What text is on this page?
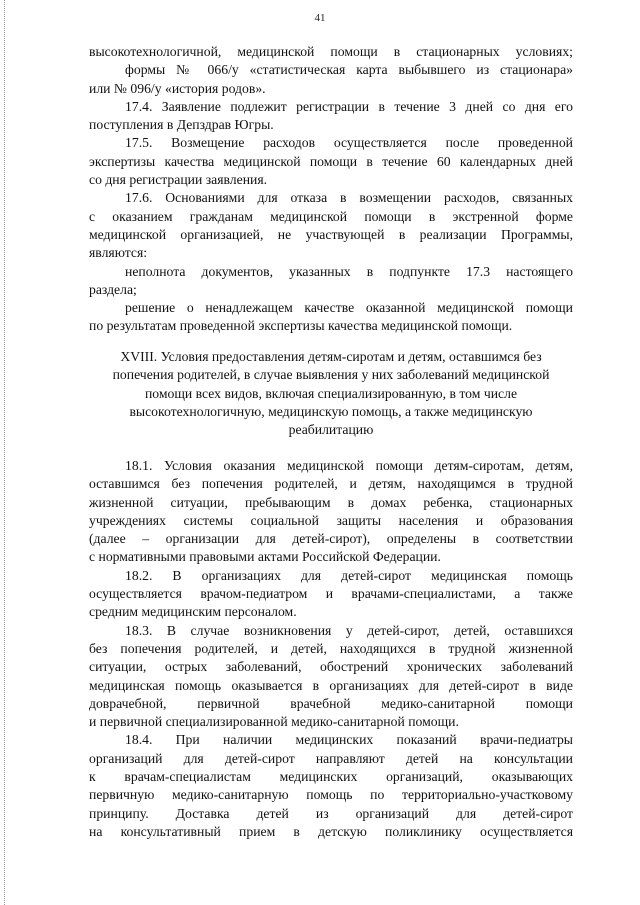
41
высокотехнологичной, медицинской помощи в стационарных условиях;
формы № 066/у «статистическая карта выбывшего из стационара»
или № 096/у «история родов».
17.4. Заявление подлежит регистрации в течение 3 дней со дня его
поступления в Депздрав Югры.
17.5. Возмещение расходов осуществляется после проведенной
экспертизы качества медицинской помощи в течение 60 календарных дней
со дня регистрации заявления.
17.6. Основаниями для отказа в возмещении расходов, связанных
с оказанием гражданам медицинской помощи в экстренной форме
медицинской организацией, не участвующей в реализации Программы,
являются:
неполнота документов, указанных в подпункте 17.3 настоящего
раздела;
решение о ненадлежащем качестве оказанной медицинской помощи
по результатам проведенной экспертизы качества медицинской помощи.
XVIII. Условия предоставления детям-сиротам и детям, оставшимся без
попечения родителей, в случае выявления у них заболеваний медицинской
помощи всех видов, включая специализированную, в том числе
высокотехнологичную, медицинскую помощь, а также медицинскую
реабилитацию
18.1. Условия оказания медицинской помощи детям-сиротам, детям,
оставшимся без попечения родителей, и детям, находящимся в трудной
жизненной ситуации, пребывающим в домах ребенка, стационарных
учреждениях системы социальной защиты населения и образования
(далее – организации для детей-сирот), определены в соответствии
с нормативными правовыми актами Российской Федерации.
18.2. В организациях для детей-сирот медицинская помощь
осуществляется врачом-педиатром и врачами-специалистами, а также
средним медицинским персоналом.
18.3. В случае возникновения у детей-сирот, детей, оставшихся
без попечения родителей, и детей, находящихся в трудной жизненной
ситуации, острых заболеваний, обострений хронических заболеваний
медицинская помощь оказывается в организациях для детей-сирот в виде
доврачебной, первичной врачебной медико-санитарной помощи
и первичной специализированной медико-санитарной помощи.
18.4. При наличии медицинских показаний врачи-педиатры
организаций для детей-сирот направляют детей на консультации
к врачам-специалистам медицинских организаций, оказывающих
первичную медико-санитарную помощь по территориально-участковому
принципу. Доставка детей из организаций для детей-сирот
на консультативный прием в детскую поликлинику осуществляется
